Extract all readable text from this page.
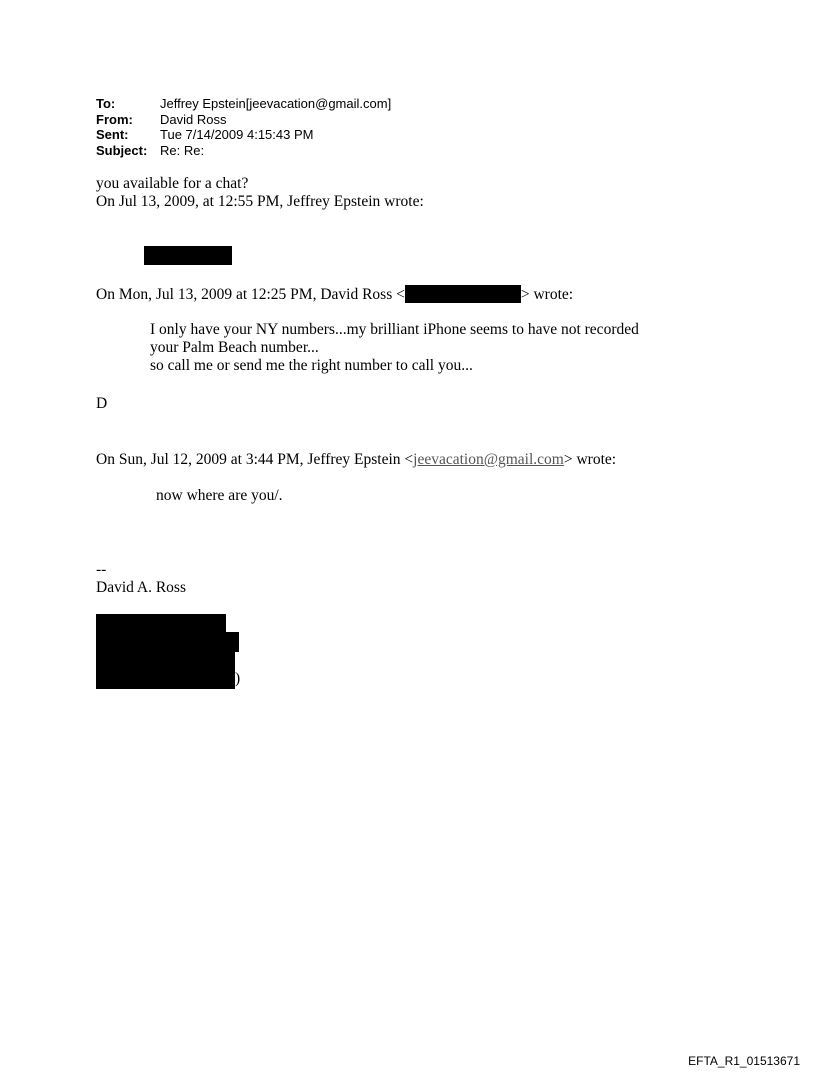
To:	Jeffrey Epstein[jeevacation@gmail.com]
From: David Ross
Sent: Tue 7/14/2009 4:15:43 PM
Subject: Re: Re:
you available for a chat?
On Jul 13, 2009, at 12:55 PM, Jeffrey Epstein wrote:
On Mon, Jul 13, 2009 at 12:25 PM, David Ross <	> wrote:
I only have your NY numbers...my brilliant iPhone seems to have not recorded
your Palm Beach number...
so call me or send me the right number to call you...
D
On Sun, Jul 12, 2009 at 3:44 PM, Jeffrey Epstein <jeevacation@gmail.com> wrote:
now where are you/.
--
David A. Ross
)
EFTA_R1_01513671
